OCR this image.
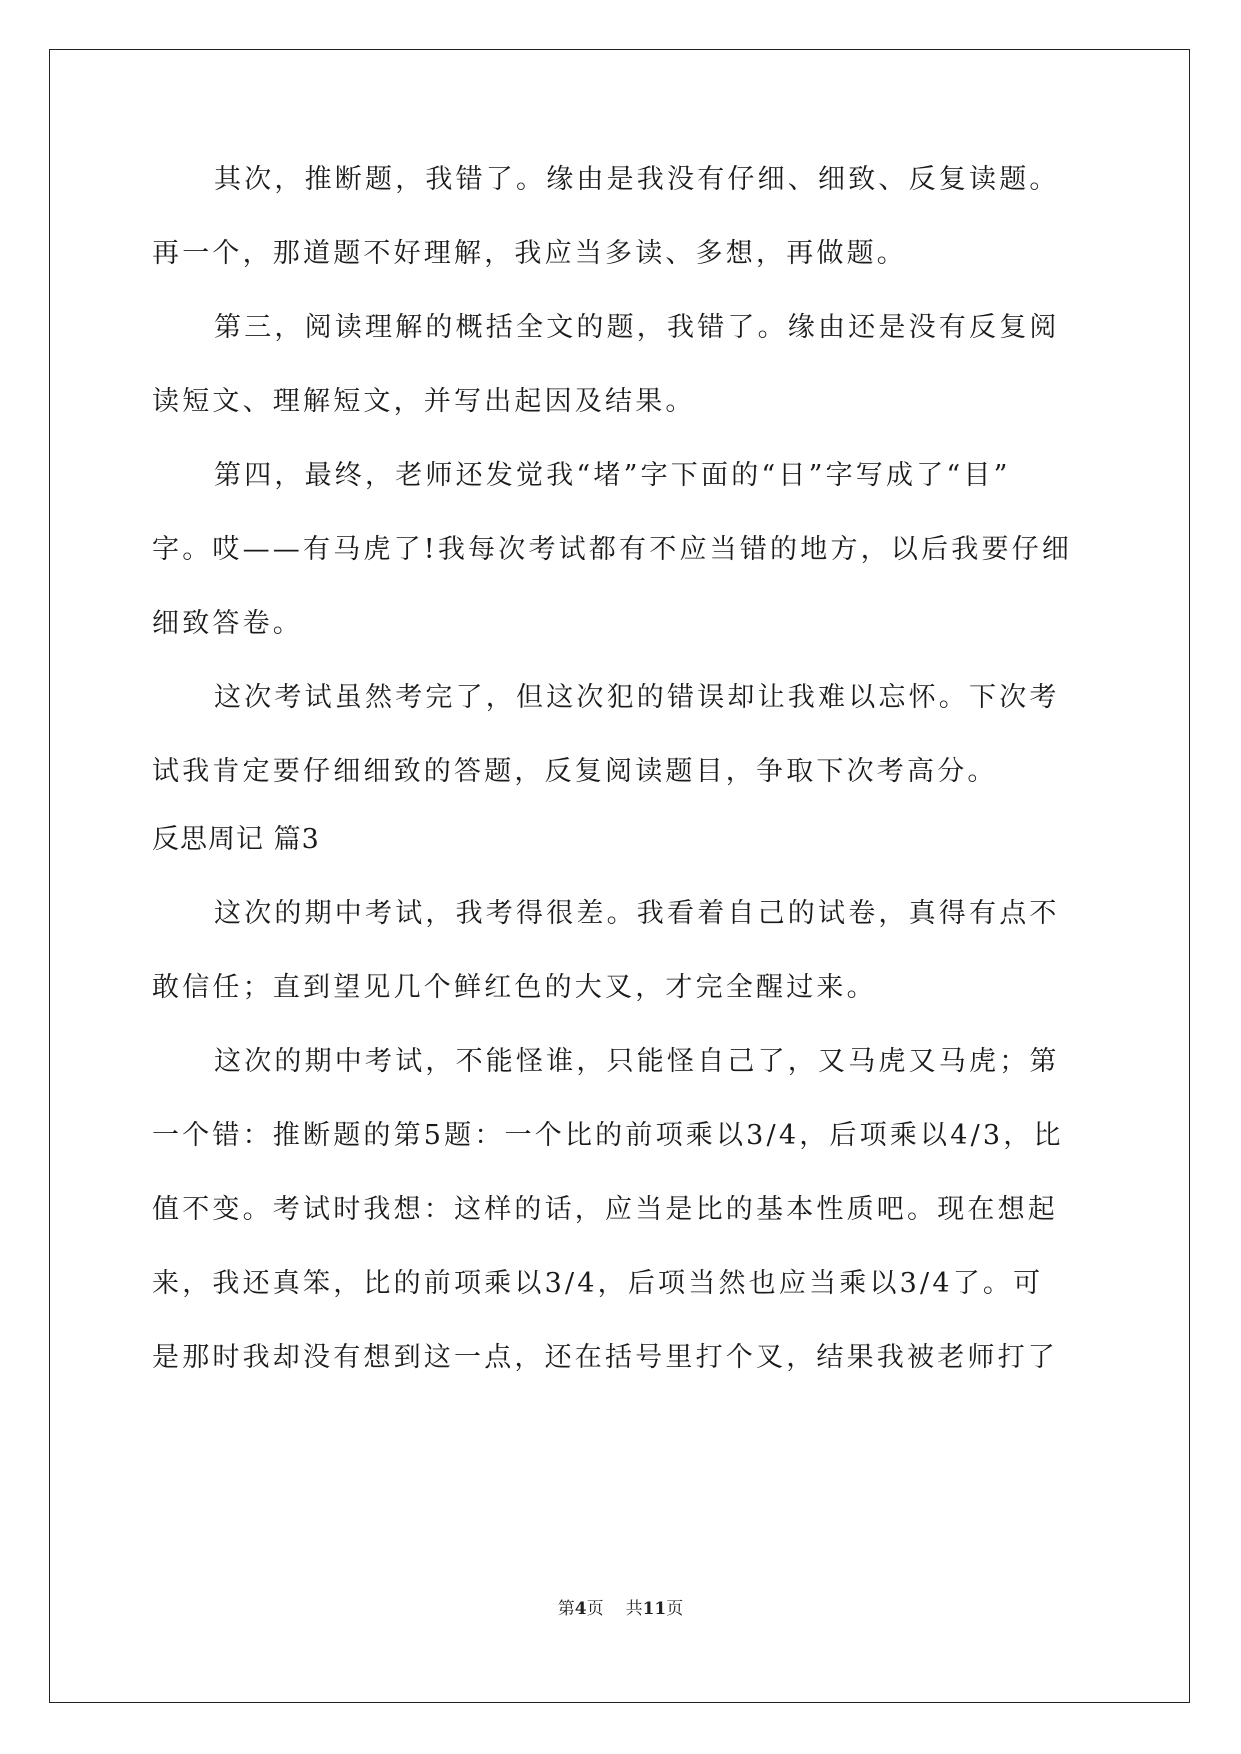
其次，推断题，我错了。缘由是我没有仔细、细致、反复读题。
再一个，那道题不好理解，我应当多读、多想，再做题。
第三，阅读理解的概括全文的题，我错了。缘由还是没有反复阅
读短文、理解短文，并写出起因及结果。
第四，最终，老师还发觉我“堵”字下面的“日”字写成了“目”
字。哎——有马虎了!我每次考试都有不应当错的地方，以后我要仔细
细致答卷。
这次考试虽然考完了，但这次犯的错误却让我难以忘怀。下次考
试我肯定要仔细细致的答题，反复阅读题目，争取下次考高分。
反思周记 篇3
这次的期中考试，我考得很差。我看着自己的试卷，真得有点不
敢信任；直到望见几个鲜红色的大叉，才完全醒过来。
这次的期中考试，不能怪谁，只能怪自己了，又马虎又马虎；第
一个错：推断题的第5题：一个比的前项乘以3/4，后项乘以4/3，比
值不变。考试时我想：这样的话，应当是比的基本性质吧。现在想起
来，我还真笨，比的前项乘以3/4，后项当然也应当乘以3/4了。可
是那时我却没有想到这一点，还在括号里打个叉，结果我被老师打了
第4页 共11页
